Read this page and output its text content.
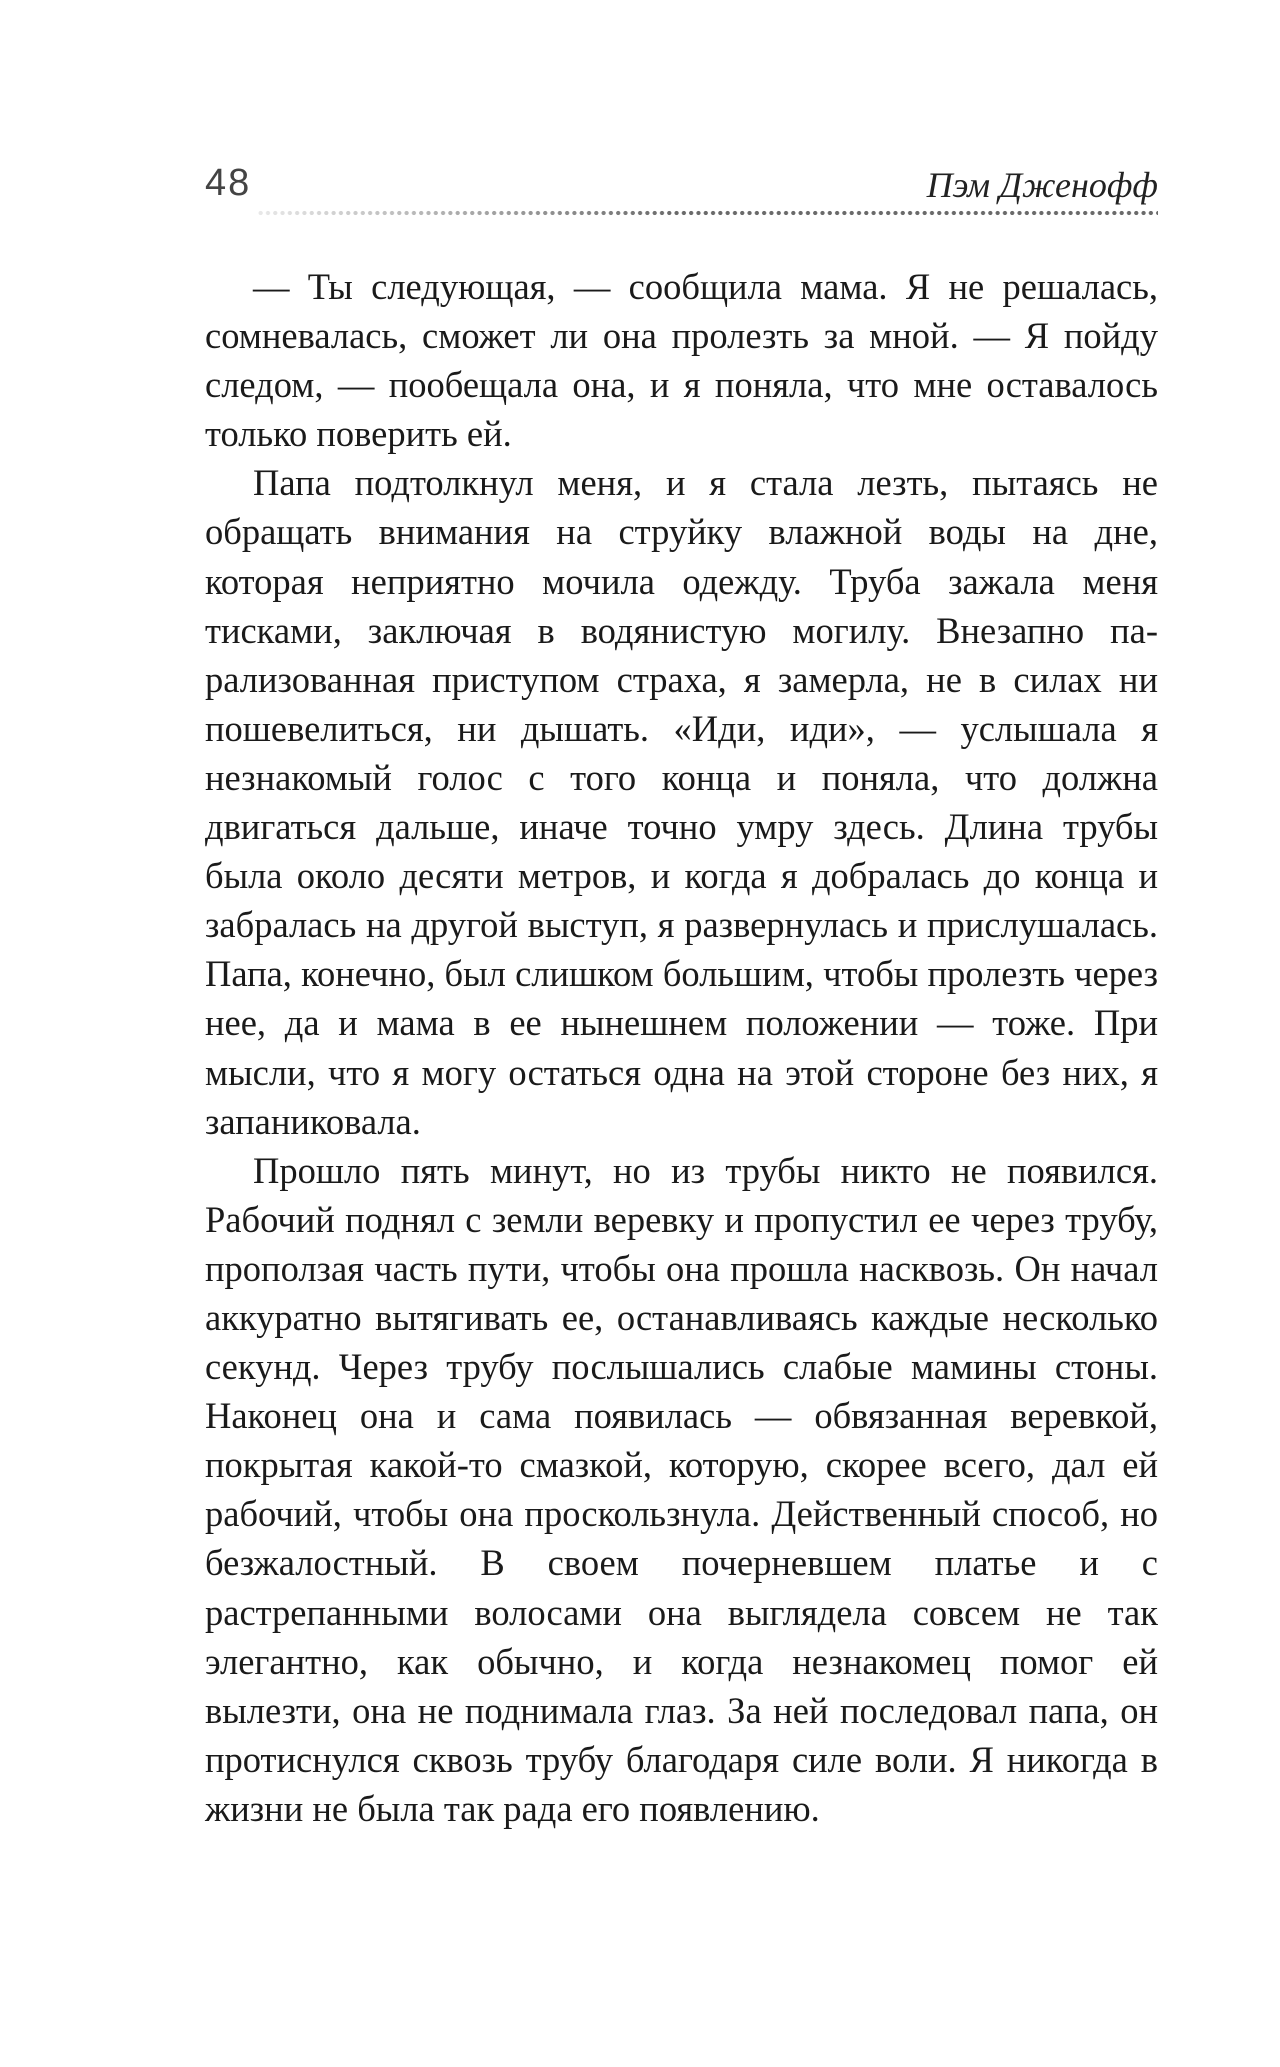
48	Пэм Дженофф

— Ты следующая, — сообщила мама. Я не решалась, сомневалась, сможет ли она пролезть за мной. — Я пойду следом, — пообещала она, и я поняла, что мне оставалось только поверить ей.

Папа подтолкнул меня, и я стала лезть, пытаясь не обращать внимания на струйку влажной воды на дне, которая неприятно мочила одежду. Труба зажала меня тисками, заключая в водянистую могилу. Внезапно парализованная приступом страха, я замерла, не в силах ни пошевелиться, ни дышать. «Иди, иди», — услышала я незнакомый голос с того конца и поняла, что должна двигаться дальше, иначе точно умру здесь. Длина трубы была около десяти метров, и когда я добралась до конца и забралась на другой выступ, я развернулась и прислушалась. Папа, конечно, был слишком большим, чтобы пролезть через нее, да и мама в ее нынешнем положении — тоже. При мысли, что я могу остаться одна на этой стороне без них, я запаниковала.

Прошло пять минут, но из трубы никто не появился. Рабочий поднял с земли веревку и пропустил ее через трубу, проползая часть пути, чтобы она прошла насквозь. Он начал аккуратно вытягивать ее, останавливаясь каждые несколько секунд. Через трубу послышались слабые мамины стоны. Наконец она и сама появилась — обвязанная веревкой, покрытая какой-то смазкой, которую, скорее всего, дал ей рабочий, чтобы она проскользнула. Действенный способ, но безжалостный. В своем почерневшем платье и с растрепанными волосами она выглядела совсем не так элегантно, как обычно, и когда незнакомец помог ей вылезти, она не поднимала глаз. За ней последовал папа, он протиснулся сквозь трубу благодаря силе воли. Я никогда в жизни не была так рада его появлению.
